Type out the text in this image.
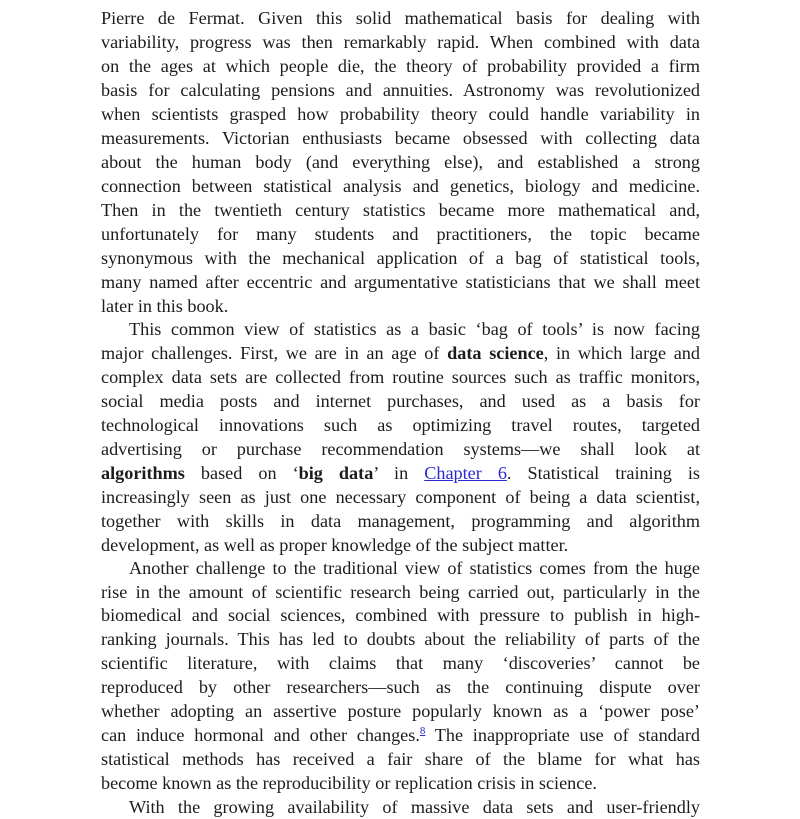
Pierre de Fermat. Given this solid mathematical basis for dealing with
variability, progress was then remarkably rapid. When combined with data
on the ages at which people die, the theory of probability provided a firm
basis for calculating pensions and annuities. Astronomy was revolutionized
when scientists grasped how probability theory could handle variability in
measurements. Victorian enthusiasts became obsessed with collecting data
about the human body (and everything else), and established a strong
connection between statistical analysis and genetics, biology and medicine.
Then in the twentieth century statistics became more mathematical and,
unfortunately for many students and practitioners, the topic became
synonymous with the mechanical application of a bag of statistical tools,
many named after eccentric and argumentative statisticians that we shall meet
later in this book.
This common view of statistics as a basic ‘bag of tools’ is now facing
major challenges. First, we are in an age of data science, in which large and
complex data sets are collected from routine sources such as traffic monitors,
social media posts and internet purchases, and used as a basis for
technological innovations such as optimizing travel routes, targeted
advertising or purchase recommendation systems—we shall look at
algorithms based on ‘big data’ in Chapter 6. Statistical training is
increasingly seen as just one necessary component of being a data scientist,
together with skills in data management, programming and algorithm
development, as well as proper knowledge of the subject matter.
Another challenge to the traditional view of statistics comes from the huge
rise in the amount of scientific research being carried out, particularly in the
biomedical and social sciences, combined with pressure to publish in high-
ranking journals. This has led to doubts about the reliability of parts of the
scientific literature, with claims that many ‘discoveries’ cannot be
reproduced by other researchers—such as the continuing dispute over
whether adopting an assertive posture popularly known as a ‘power pose’
can induce hormonal and other changes.$^8$ The inappropriate use of standard
statistical methods has received a fair share of the blame for what has
become known as the reproducibility or replication crisis in science.
With the growing availability of massive data sets and user-friendly
